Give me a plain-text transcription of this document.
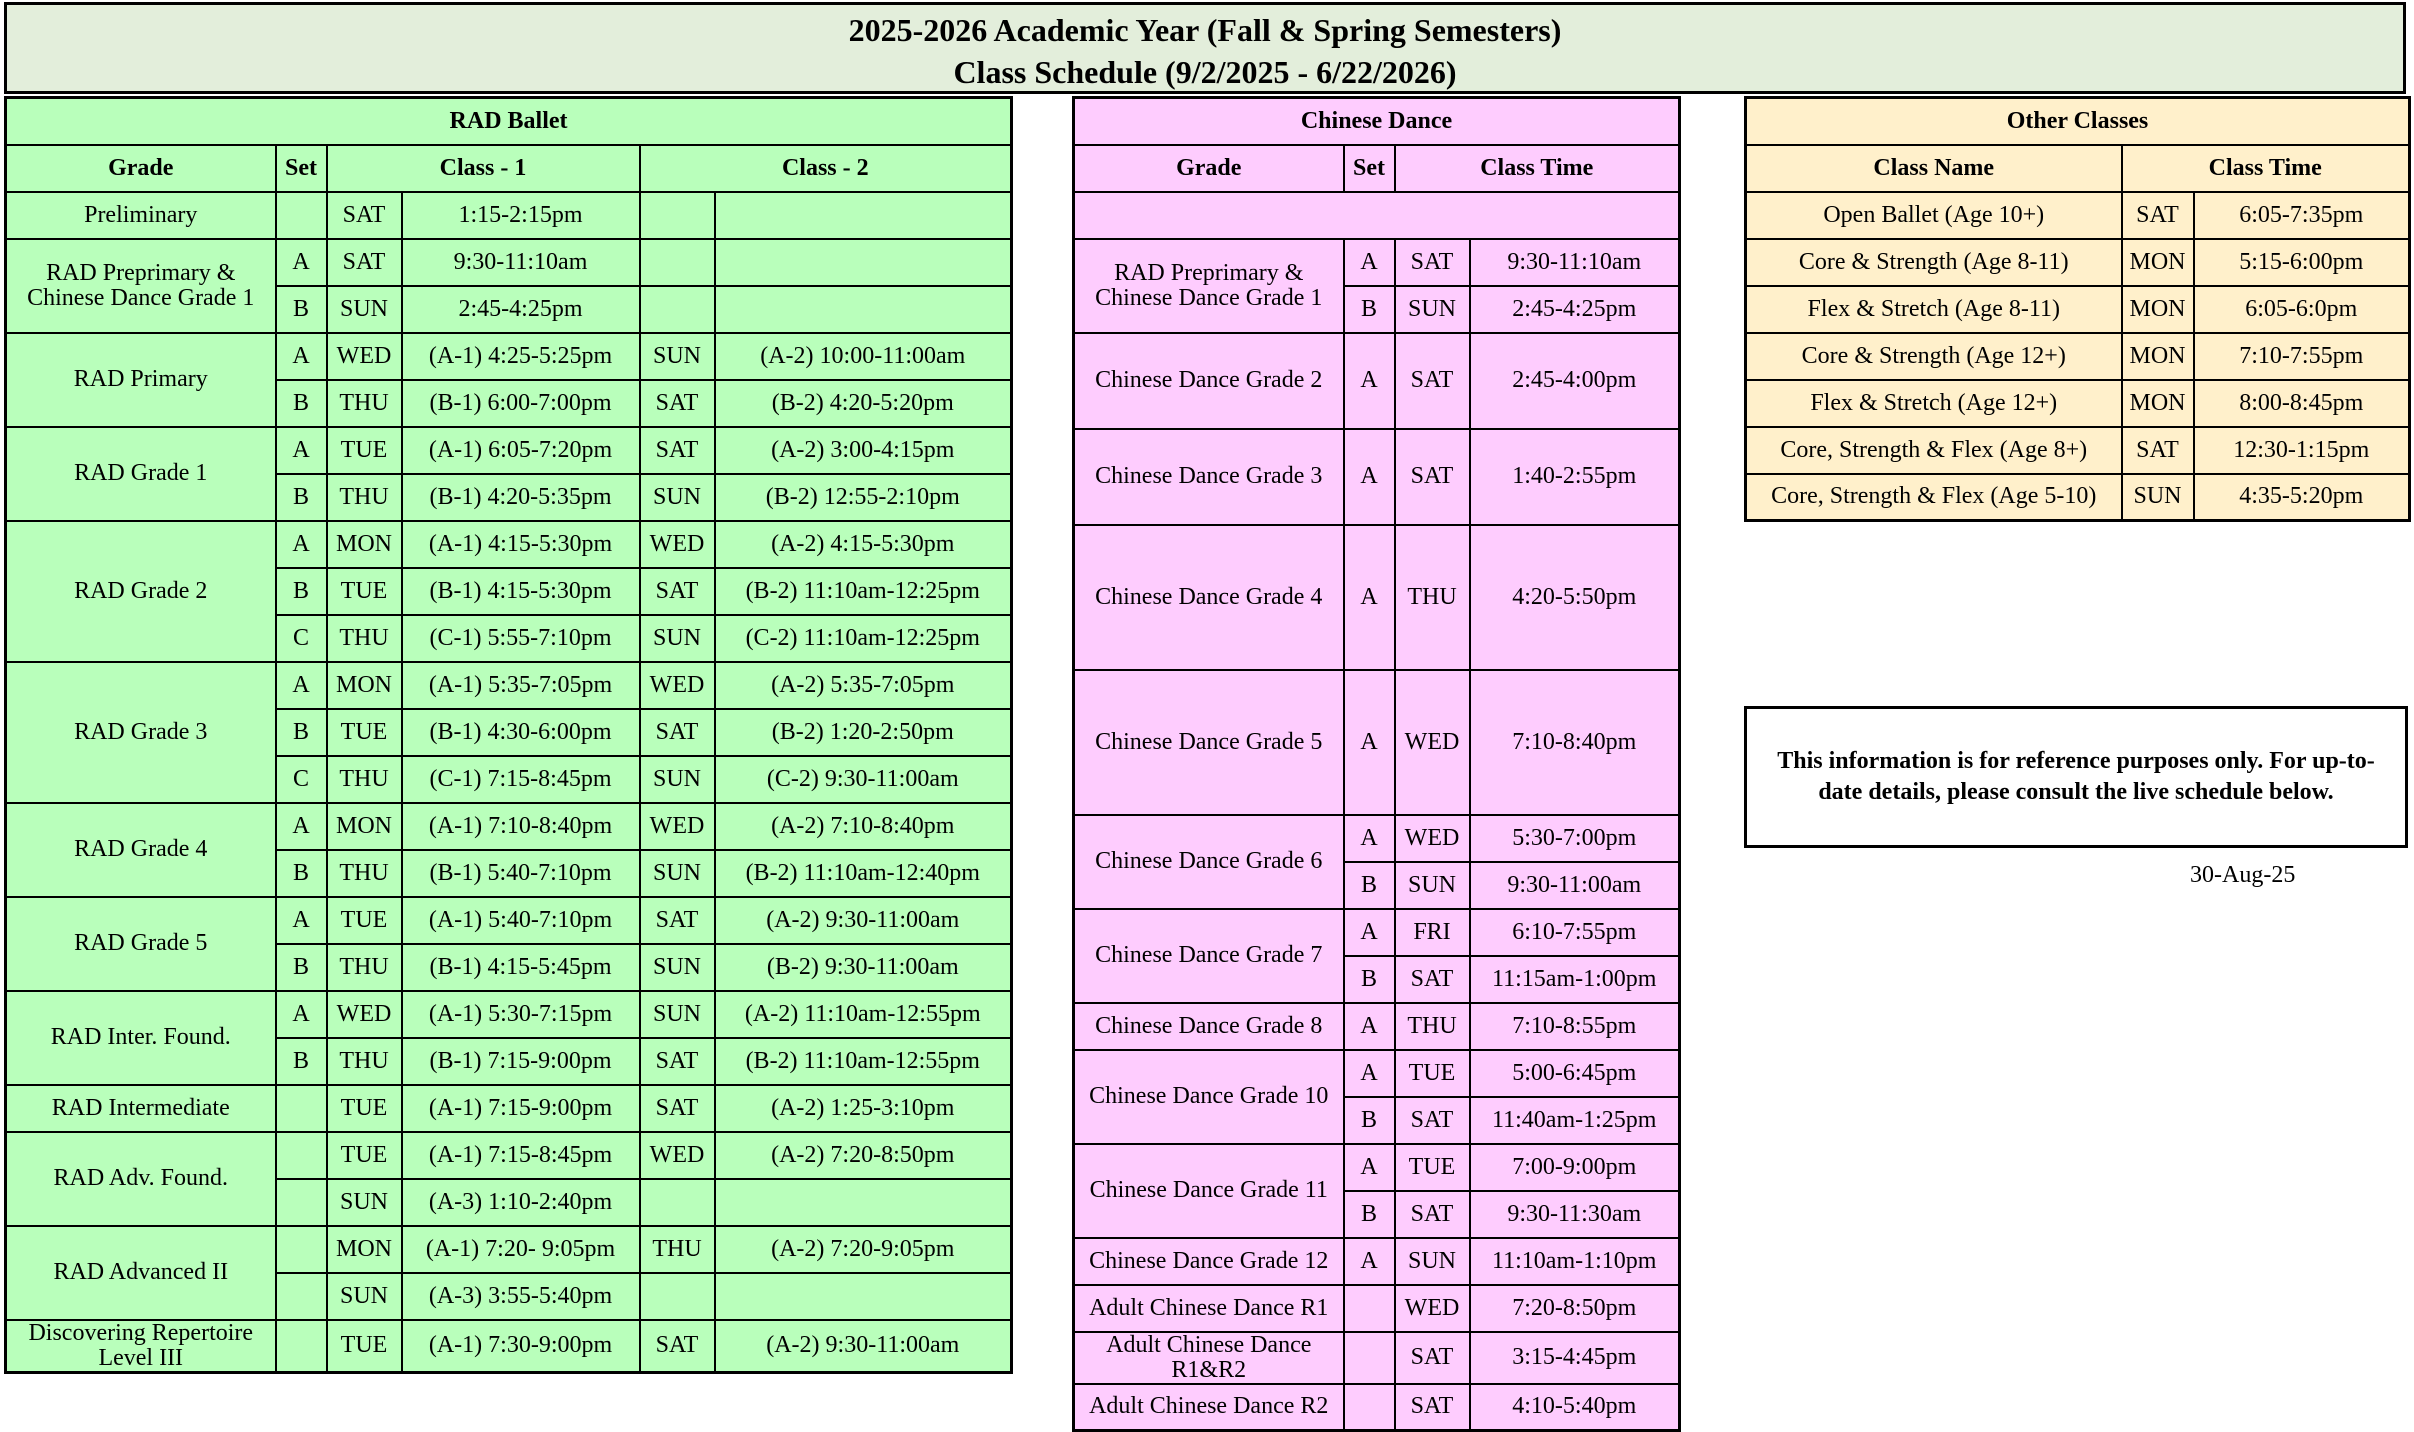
2025-2026 Academic Year (Fall & Spring Semesters)
Class Schedule (9/2/2025 - 6/22/2026)
RAD Ballet					
Grade	Set	Class - 1		Class - 2	
Preliminary		SAT	1:15-2:15pm		
RAD Preprimary & Chinese Dance Grade 1	A	SAT	9:30-11:10am		
	B	SUN	2:45-4:25pm		
RAD Primary	A	WED	(A-1) 4:25-5:25pm	SUN	(A-2) 10:00-11:00am
	B	THU	(B-1) 6:00-7:00pm	SAT	(B-2) 4:20-5:20pm
RAD Grade 1	A	TUE	(A-1) 6:05-7:20pm	SAT	(A-2) 3:00-4:15pm
	B	THU	(B-1) 4:20-5:35pm	SUN	(B-2) 12:55-2:10pm
RAD Grade 2	A	MON	(A-1) 4:15-5:30pm	WED	(A-2) 4:15-5:30pm
	B	TUE	(B-1) 4:15-5:30pm	SAT	(B-2) 11:10am-12:25pm
	C	THU	(C-1) 5:55-7:10pm	SUN	(C-2) 11:10am-12:25pm
RAD Grade 3	A	MON	(A-1) 5:35-7:05pm	WED	(A-2) 5:35-7:05pm
	B	TUE	(B-1) 4:30-6:00pm	SAT	(B-2) 1:20-2:50pm
	C	THU	(C-1) 7:15-8:45pm	SUN	(C-2) 9:30-11:00am
RAD Grade 4	A	MON	(A-1) 7:10-8:40pm	WED	(A-2) 7:10-8:40pm
	B	THU	(B-1) 5:40-7:10pm	SUN	(B-2) 11:10am-12:40pm
RAD Grade 5	A	TUE	(A-1) 5:40-7:10pm	SAT	(A-2) 9:30-11:00am
	B	THU	(B-1) 4:15-5:45pm	SUN	(B-2) 9:30-11:00am
RAD Inter. Found.	A	WED	(A-1) 5:30-7:15pm	SUN	(A-2) 11:10am-12:55pm
	B	THU	(B-1) 7:15-9:00pm	SAT	(B-2) 11:10am-12:55pm
RAD Intermediate		TUE	(A-1) 7:15-9:00pm	SAT	(A-2) 1:25-3:10pm
RAD Adv. Found.		TUE	(A-1) 7:15-8:45pm	WED	(A-2) 7:20-8:50pm
		SUN	(A-3) 1:10-2:40pm		
RAD Advanced II		MON	(A-1) 7:20- 9:05pm	THU	(A-2) 7:20-9:05pm
		SUN	(A-3) 3:55-5:40pm		
Discovering Repertoire Level III		TUE	(A-1) 7:30-9:00pm	SAT	(A-2) 9:30-11:00am
Chinese Dance			
Grade	Set	Class Time	

RAD Preprimary & Chinese Dance Grade 1	A	SAT	9:30-11:10am
	B	SUN	2:45-4:25pm
Chinese Dance Grade 2	A	SAT	2:45-4:00pm
Chinese Dance Grade 3	A	SAT	1:40-2:55pm
Chinese Dance Grade 4	A	THU	4:20-5:50pm
Chinese Dance Grade 5	A	WED	7:10-8:40pm
Chinese Dance Grade 6	A	WED	5:30-7:00pm
	B	SUN	9:30-11:00am
Chinese Dance Grade 7	A	FRI	6:10-7:55pm
	B	SAT	11:15am-1:00pm
Chinese Dance Grade 8	A	THU	7:10-8:55pm
Chinese Dance Grade 10	A	TUE	5:00-6:45pm
	B	SAT	11:40am-1:25pm
Chinese Dance Grade 11	A	TUE	7:00-9:00pm
	B	SAT	9:30-11:30am
Chinese Dance Grade 12	A	SUN	11:10am-1:10pm
Adult Chinese Dance R1		WED	7:20-8:50pm
Adult Chinese Dance R1&R2		SAT	3:15-4:45pm
Adult Chinese Dance R2		SAT	4:10-5:40pm
Other Classes		
Class Name	Class Time	
Open Ballet (Age 10+)	SAT	6:05-7:35pm
Core & Strength (Age 8-11)	MON	5:15-6:00pm
Flex & Stretch (Age 8-11)	MON	6:05-6:0pm
Core & Strength (Age 12+)	MON	7:10-7:55pm
Flex & Stretch (Age 12+)	MON	8:00-8:45pm
Core, Strength & Flex (Age 8+)	SAT	12:30-1:15pm
Core, Strength & Flex (Age 5-10)	SUN	4:35-5:20pm
This information is for reference purposes only. For up-to-date details, please consult the live schedule below.
30-Aug-25
